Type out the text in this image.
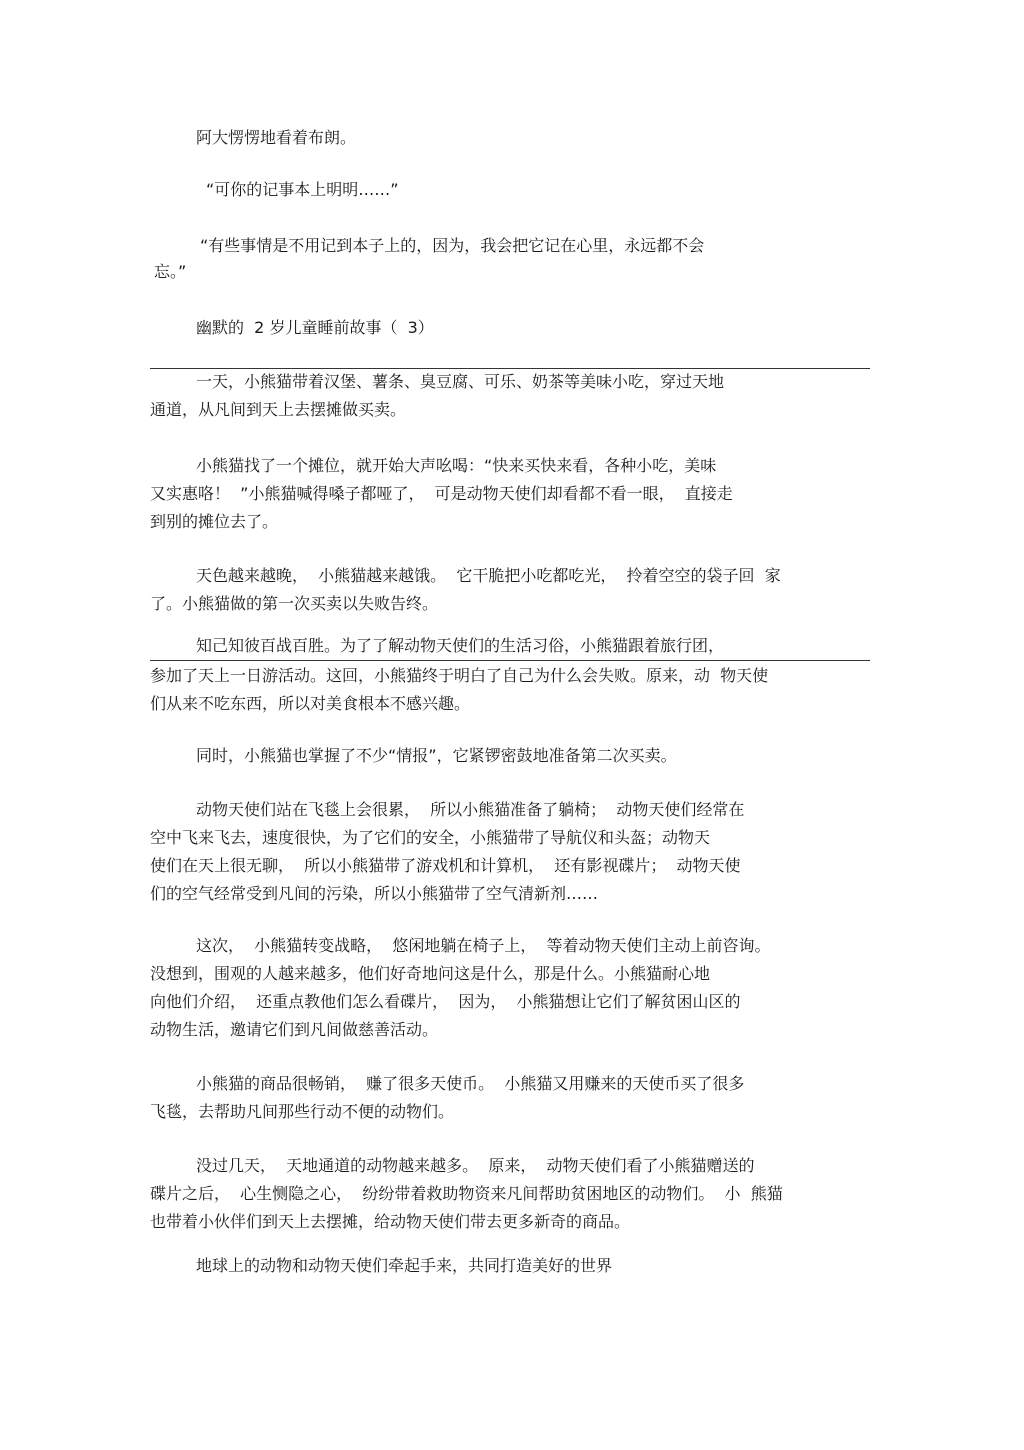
阿大愣愣地看着布朗。
“可你的记事本上明明……”
“有些事情是不用记到本子上的，因为，我会把它记在心里，永远都不会
忘。”
幽默的  2 岁儿童睡前故事（  3）
一天，小熊猫带着汉堡、薯条、臭豆腐、可乐、奶茶等美味小吃，穿过天地
通道，从凡间到天上去摆摊做买卖。
小熊猫找了一个摊位，就开始大声吆喝：“快来买快来看，各种小吃，美味
又实惠咯！  ”小熊猫喊得嗓子都哑了，  可是动物天使们却看都不看一眼，  直接走
到别的摊位去了。
天色越来越晚，  小熊猫越来越饿。  它干脆把小吃都吃光，  拎着空空的袋子回  家
了。小熊猫做的第一次买卖以失败告终。
知己知彼百战百胜。为了了解动物天使们的生活习俗，小熊猫跟着旅行团，
参加了天上一日游活动。这回，小熊猫终于明白了自己为什么会失败。原来，动  物天使
们从来不吃东西，所以对美食根本不感兴趣。
同时，小熊猫也掌握了不少“情报”，它紧锣密鼓地准备第二次买卖。
动物天使们站在飞毯上会很累，  所以小熊猫准备了躺椅；  动物天使们经常在
空中飞来飞去，速度很快，为了它们的安全，小熊猫带了导航仪和头盔；动物天
使们在天上很无聊，  所以小熊猫带了游戏机和计算机，  还有影视碟片；  动物天使
们的空气经常受到凡间的污染，所以小熊猫带了空气清新剂……
这次，  小熊猫转变战略，  悠闲地躺在椅子上，  等着动物天使们主动上前咨询。
没想到，围观的人越来越多，他们好奇地问这是什么，那是什么。小熊猫耐心地
向他们介绍，  还重点教他们怎么看碟片，  因为，  小熊猫想让它们了解贫困山区的
动物生活，邀请它们到凡间做慈善活动。
小熊猫的商品很畅销，  赚了很多天使币。  小熊猫又用赚来的天使币买了很多
飞毯，去帮助凡间那些行动不便的动物们。
没过几天，  天地通道的动物越来越多。  原来，  动物天使们看了小熊猫赠送的
碟片之后，  心生恻隐之心，  纷纷带着救助物资来凡间帮助贫困地区的动物们。  小  熊猫
也带着小伙伴们到天上去摆摊，给动物天使们带去更多新奇的商品。
地球上的动物和动物天使们牵起手来，共同打造美好的世界
